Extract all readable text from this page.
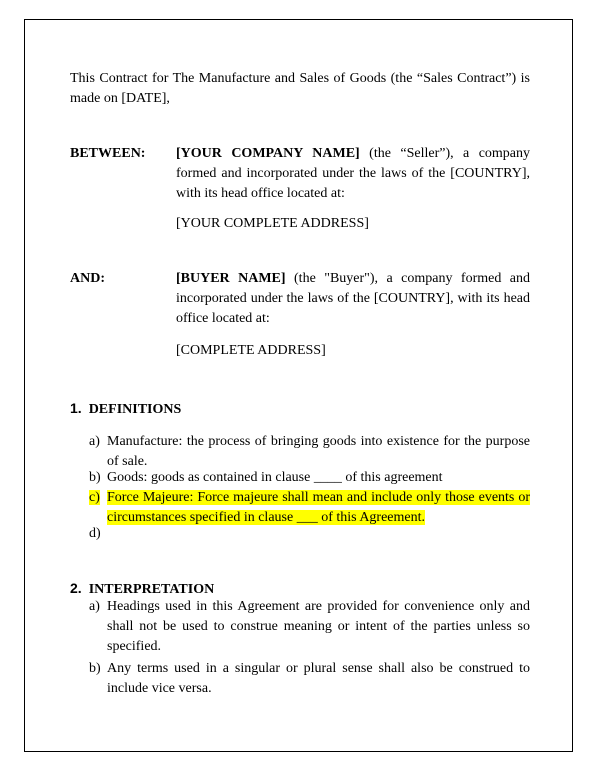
This Contract for The Manufacture and Sales of Goods (the “Sales Contract”) is made on [DATE],
BETWEEN:	[YOUR COMPANY NAME] (the “Seller”), a company formed and incorporated under the laws of the [COUNTRY], with its head office located at:
[YOUR COMPLETE ADDRESS]
AND:	[BUYER NAME] (the "Buyer"), a company formed and incorporated under the laws of the [COUNTRY], with its head office located at:
[COMPLETE ADDRESS]
1. DEFINITIONS
a) Manufacture: the process of bringing goods into existence for the purpose of sale.
b) Goods: goods as contained in clause ____ of this agreement
c) Force Majeure: Force majeure shall mean and include only those events or circumstances specified in clause ___ of this Agreement.
d)
2. INTERPRETATION
a) Headings used in this Agreement are provided for convenience only and shall not be used to construe meaning or intent of the parties unless so specified.
b) Any terms used in a singular or plural sense shall also be construed to include vice versa.
